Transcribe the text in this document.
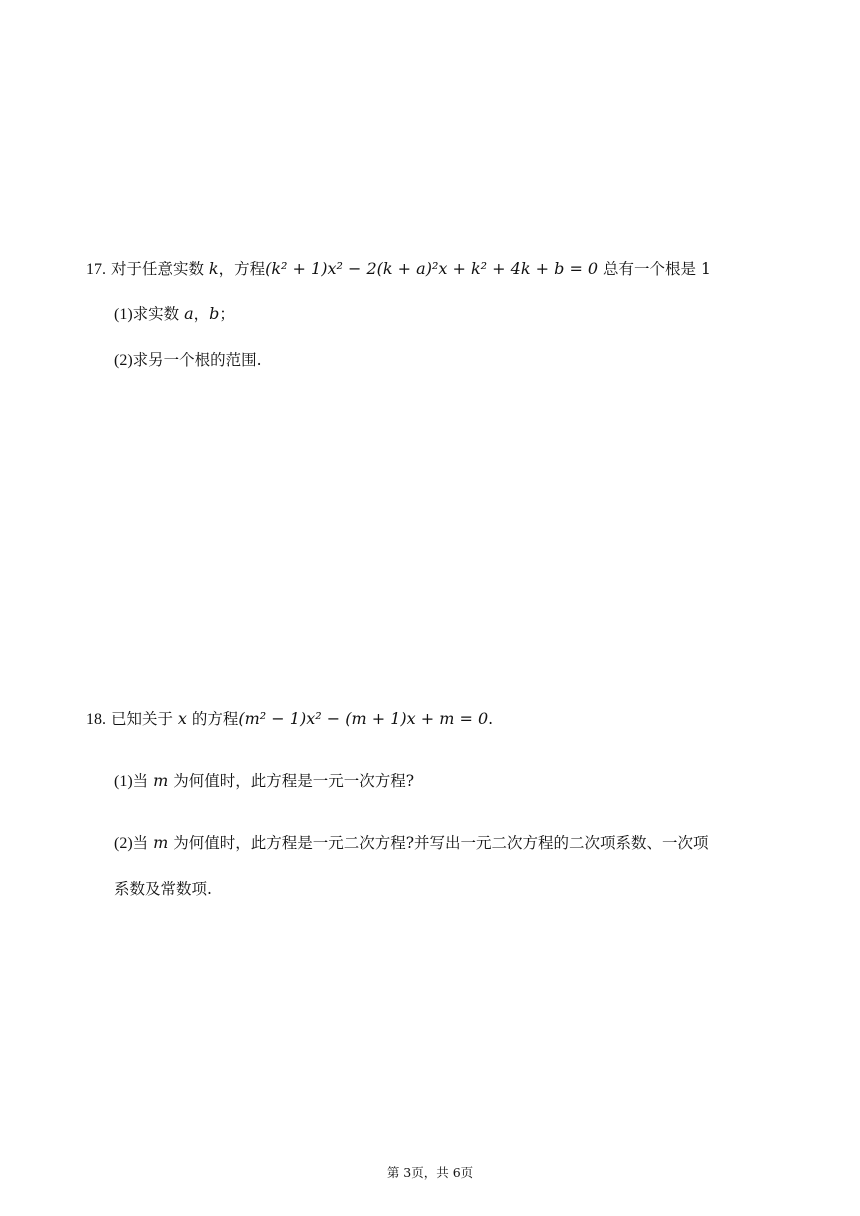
17. 对于任意实数 k，方程(k² + 1)x² − 2(k + a)²x + k² + 4k + b = 0 总有一个根是 1
(1)求实数 a，b；
(2)求另一个根的范围.
18. 已知关于 x 的方程(m² − 1)x² − (m + 1)x + m = 0.
(1)当 m 为何值时，此方程是一元一次方程?
(2)当 m 为何值时，此方程是一元二次方程?并写出一元二次方程的二次项系数、一次项
系数及常数项.
第 3页，共 6页
